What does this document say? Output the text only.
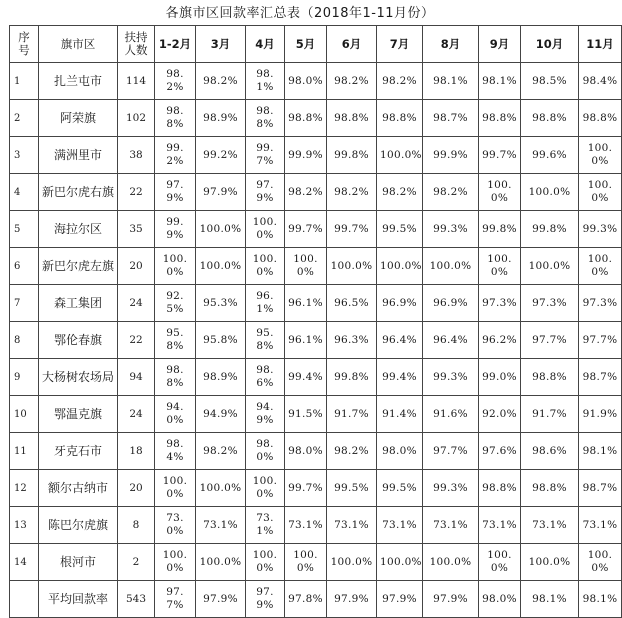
各旗市区回款率汇总表（2018年1-11月份）
序号	旗市区	扶持人数	1-2月	3月	4月	5月	6月	7月	8月	9月	10月	11月
1	扎兰屯市	114	98.2%	98.2%	98.1%	98.0%	98.2%	98.2%	98.1%	98.1%	98.5%	98.4%
2	阿荣旗	102	98.8%	98.9%	98.8%	98.8%	98.8%	98.8%	98.7%	98.8%	98.8%	98.8%
3	满洲里市	38	99.2%	99.2%	99.7%	99.9%	99.8%	100.0%	99.9%	99.7%	99.6%	100.0%
4	新巴尔虎右旗	22	97.9%	97.9%	97.9%	98.2%	98.2%	98.2%	98.2%	100.0%	100.0%	100.0%
5	海拉尔区	35	99.9%	100.0%	100.0%	99.7%	99.7%	99.5%	99.3%	99.8%	99.8%	99.3%
6	新巴尔虎左旗	20	100.0%	100.0%	100.0%	100.0%	100.0%	100.0%	100.0%	100.0%	100.0%	100.0%
7	森工集团	24	92.5%	95.3%	96.1%	96.1%	96.5%	96.9%	96.9%	97.3%	97.3%	97.3%
8	鄂伦春旗	22	95.8%	95.8%	95.8%	96.1%	96.3%	96.4%	96.4%	96.2%	97.7%	97.7%
9	大杨树农场局	94	98.8%	98.9%	98.6%	99.4%	99.8%	99.4%	99.3%	99.0%	98.8%	98.7%
10	鄂温克旗	24	94.0%	94.9%	94.9%	91.5%	91.7%	91.4%	91.6%	92.0%	91.7%	91.9%
11	牙克石市	18	98.4%	98.2%	98.0%	98.0%	98.2%	98.0%	97.7%	97.6%	98.6%	98.1%
12	额尔古纳市	20	100.0%	100.0%	100.0%	99.7%	99.5%	99.5%	99.3%	98.8%	98.8%	98.7%
13	陈巴尔虎旗	8	73.0%	73.1%	73.1%	73.1%	73.1%	73.1%	73.1%	73.1%	73.1%	73.1%
14	根河市	2	100.0%	100.0%	100.0%	100.0%	100.0%	100.0%	100.0%	100.0%	100.0%	100.0%
	平均回款率	543	97.7%	97.9%	97.9%	97.8%	97.9%	97.9%	97.9%	98.0%	98.1%	98.1%
